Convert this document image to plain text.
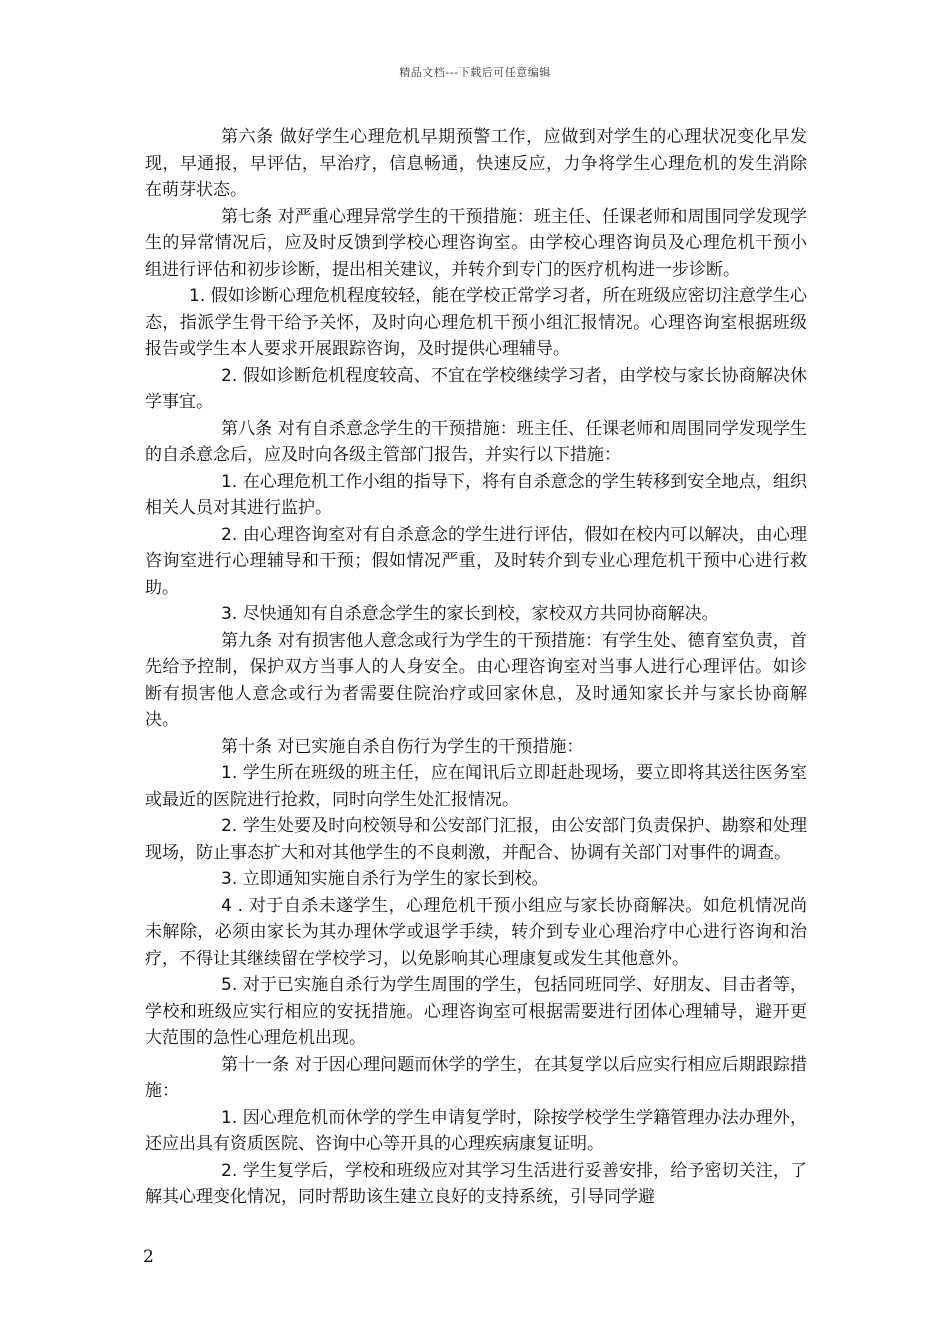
精品文档---下载后可任意编辑

第六条 做好学生心理危机早期预警工作，应做到对学生的心理状况变化早发现，早通报，早评估，早治疗，信息畅通，快速反应，力争将学生心理危机的发生消除在萌芽状态。

第七条 对严重心理异常学生的干预措施：班主任、任课老师和周围同学发现学生的异常情况后，应及时反馈到学校心理咨询室。由学校心理咨询员及心理危机干预小组进行评估和初步诊断，提出相关建议，并转介到专门的医疗机构进一步诊断。

1. 假如诊断心理危机程度较轻，能在学校正常学习者，所在班级应密切注意学生心态，指派学生骨干给予关怀，及时向心理危机干预小组汇报情况。心理咨询室根据班级报告或学生本人要求开展跟踪咨询，及时提供心理辅导。

2. 假如诊断危机程度较高、不宜在学校继续学习者，由学校与家长协商解决休学事宜。

第八条 对有自杀意念学生的干预措施：班主任、任课老师和周围同学发现学生的自杀意念后，应及时向各级主管部门报告，并实行以下措施：

1. 在心理危机工作小组的指导下，将有自杀意念的学生转移到安全地点，组织相关人员对其进行监护。

2. 由心理咨询室对有自杀意念的学生进行评估，假如在校内可以解决，由心理咨询室进行心理辅导和干预；假如情况严重，及时转介到专业心理危机干预中心进行救助。

3. 尽快通知有自杀意念学生的家长到校，家校双方共同协商解决。

第九条 对有损害他人意念或行为学生的干预措施：有学生处、德育室负责，首先给予控制，保护双方当事人的人身安全。由心理咨询室对当事人进行心理评估。如诊断有损害他人意念或行为者需要住院治疗或回家休息，及时通知家长并与家长协商解决。

第十条 对已实施自杀自伤行为学生的干预措施：

1. 学生所在班级的班主任，应在闻讯后立即赶赴现场，要立即将其送往医务室或最近的医院进行抢救，同时向学生处汇报情况。

2. 学生处要及时向校领导和公安部门汇报，由公安部门负责保护、勘察和处理现场，防止事态扩大和对其他学生的不良刺激，并配合、协调有关部门对事件的调查。

3. 立即通知实施自杀行为学生的家长到校。

4 . 对于自杀未遂学生，心理危机干预小组应与家长协商解决。如危机情况尚未解除，必须由家长为其办理休学或退学手续，转介到专业心理治疗中心进行咨询和治疗，不得让其继续留在学校学习，以免影响其心理康复或发生其他意外。

5. 对于已实施自杀行为学生周围的学生，包括同班同学、好朋友、目击者等，学校和班级应实行相应的安抚措施。心理咨询室可根据需要进行团体心理辅导，避开更大范围的急性心理危机出现。

第十一条 对于因心理问题而休学的学生，在其复学以后应实行相应后期跟踪措施：

1. 因心理危机而休学的学生申请复学时，除按学校学生学籍管理办法办理外，还应出具有资质医院、咨询中心等开具的心理疾病康复证明。

2. 学生复学后，学校和班级应对其学习生活进行妥善安排，给予密切关注，了解其心理变化情况，同时帮助该生建立良好的支持系统，引导同学避

2
